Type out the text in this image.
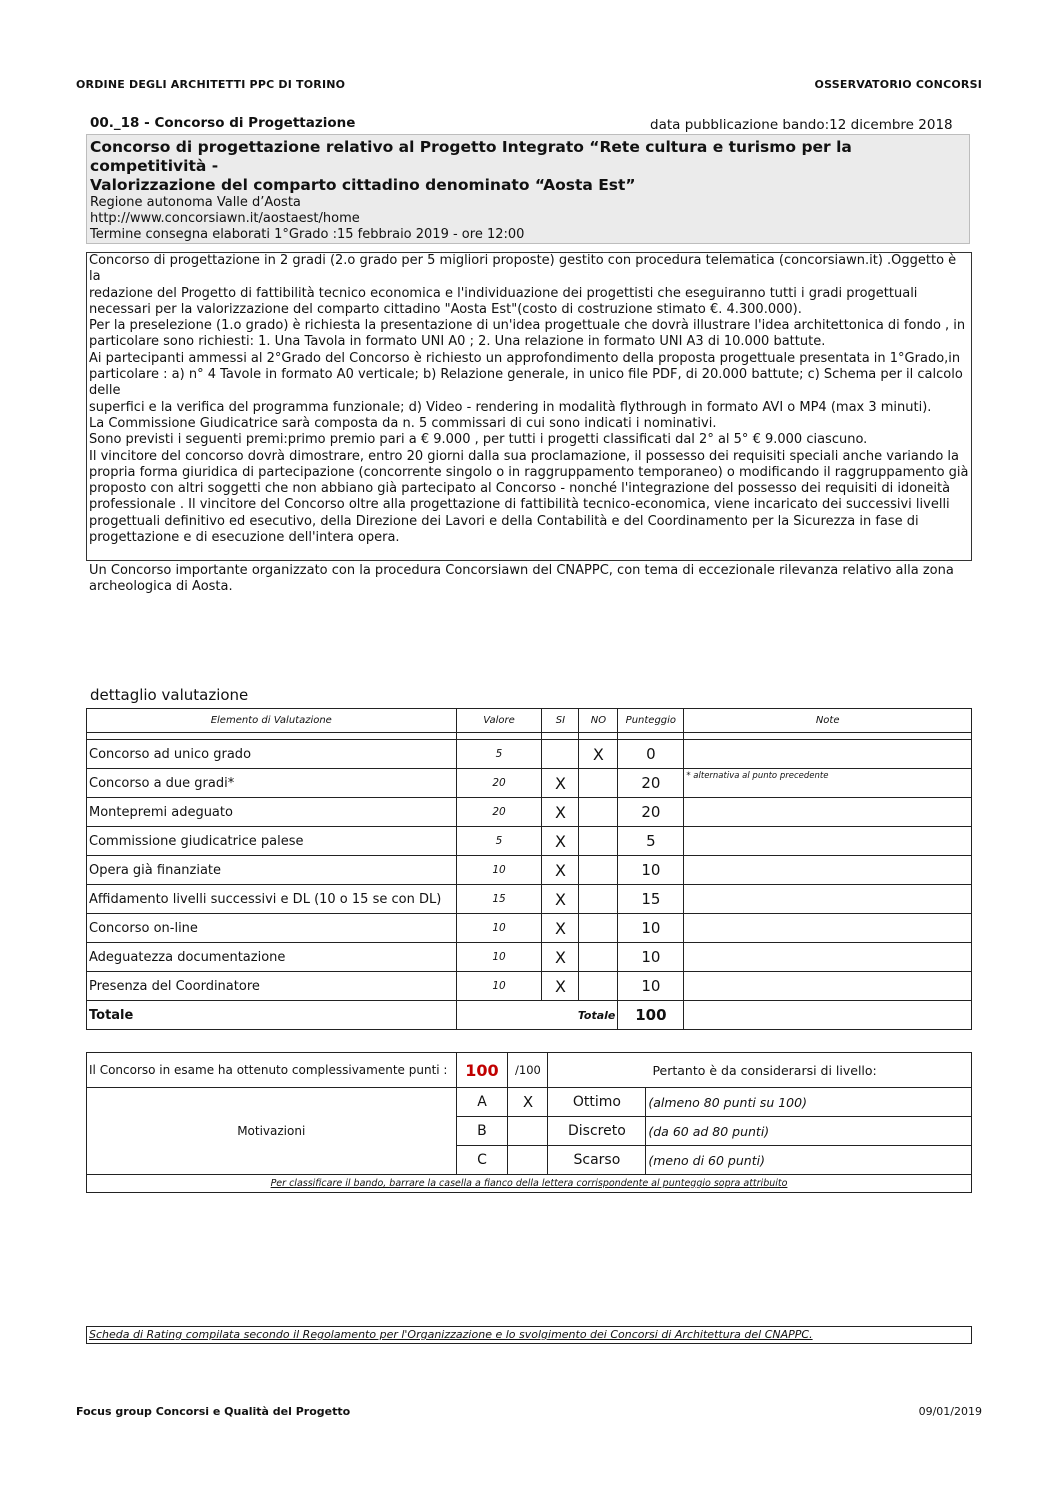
ORDINE DEGLI ARCHITETTI PPC DI TORINO	OSSERVATORIO CONCORSI
00._18 - Concorso di Progettazione	data pubblicazione bando:12 dicembre 2018
Concorso di progettazione relativo al Progetto Integrato “Rete cultura e turismo per la competitività -
Valorizzazione del comparto cittadino denominato “Aosta Est”
Regione autonoma Valle d’Aosta
http://www.concorsiawn.it/aostaest/home
Termine consegna elaborati 1°Grado :15 febbraio 2019 - ore 12:00

Concorso di progettazione in 2 gradi (2.o grado per 5 migliori proposte) gestito con procedura telematica (concorsiawn.it) .Oggetto è la

redazione del Progetto di fattibilità tecnico economica e l'individuazione dei progettisti che eseguiranno tutti i gradi progettuali

necessari per la valorizzazione del comparto cittadino "Aosta Est"(costo di costruzione stimato €. 4.300.000).

Per la preselezione (1.o grado) è richiesta la presentazione di un'idea progettuale che dovrà illustrare l'idea architettonica di fondo , in

particolare sono richiesti: 1. Una Tavola in formato UNI A0 ; 2. Una relazione in formato UNI A3 di 10.000 battute.

Ai partecipanti ammessi al 2°Grado del Concorso è richiesto un approfondimento della proposta progettuale presentata in 1°Grado,in

particolare : a) n° 4 Tavole in formato A0 verticale; b) Relazione generale, in unico file PDF, di 20.000 battute; c) Schema per il calcolo delle

superfici e la verifica del programma funzionale; d) Video - rendering in modalità flythrough in formato AVI o MP4 (max 3 minuti).

La Commissione Giudicatrice sarà composta da n. 5 commissari di cui sono indicati i nominativi.

Sono previsti i seguenti premi:primo premio pari a € 9.000 , per tutti i progetti classificati dal 2° al 5° € 9.000 ciascuno.

Il vincitore del concorso dovrà dimostrare, entro 20 giorni dalla sua proclamazione, il possesso dei requisiti speciali anche variando la

propria forma giuridica di partecipazione (concorrente singolo o in raggruppamento temporaneo) o modificando il raggruppamento già

proposto con altri soggetti che non abbiano già partecipato al Concorso - nonché l'integrazione del possesso dei requisiti di idoneità

professionale . Il vincitore del Concorso oltre alla progettazione di fattibilità tecnico-economica, viene incaricato dei successivi livelli

progettuali definitivo ed esecutivo, della Direzione dei Lavori e della Contabilità e del Coordinamento per la Sicurezza in fase di

progettazione e di esecuzione dell'intera opera.

Un Concorso importante organizzato con la procedura Concorsiawn del CNAPPC, con tema di eccezionale rilevanza relativo alla zona

archeologica di Aosta.

dettaglio valutazione
Elemento di Valutazione	Valore	SI	NO	Punteggio	Note

Concorso ad unico grado	5		X	0	
Concorso a due gradi*	20	X		20	* alternativa al punto precedente
Montepremi adeguato	20	X		20	
Commissione giudicatrice palese	5	X		5	
Opera già finanziate	10	X		10	
Affidamento livelli successivi e DL (10 o 15 se con DL)	15	X		15	
Concorso on-line	10	X		10	
Adeguatezza documentazione	10	X		10	
Presenza del Coordinatore	10	X		10	
Totale	Totale			100	
Il Concorso in esame ha ottenuto complessivamente punti :	100	/100	Pertanto è da considerarsi di livello:	
Motivazioni	A	X	Ottimo	(almeno 80 punti su 100)
	B		Discreto	(da 60 ad 80 punti)
	C		Scarso	(meno di 60 punti)
Per classificare il bando, barrare la casella a fianco della lettera corrispondente al punteggio sopra attribuito				
Scheda di Rating compilata secondo il Regolamento per l'Organizzazione e lo svolgimento dei Concorsi di Architettura del CNAPPC.
Focus group Concorsi e Qualità del Progetto	09/01/2019
